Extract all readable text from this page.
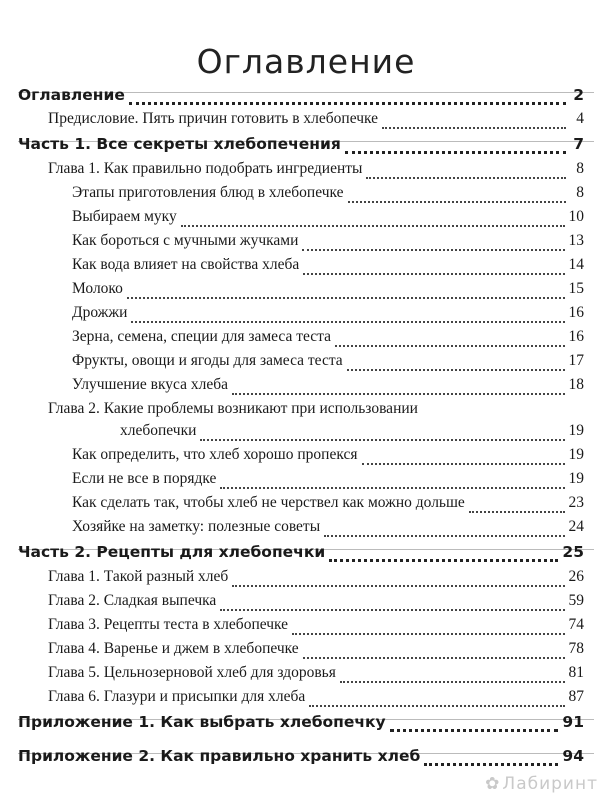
Оглавление
✿ Лабиринт
Оглавление	2
Предисловие. Пять причин готовить в хлебопечке	4
Часть 1. Все секреты хлебопечения	7
Глава 1. Как правильно подобрать ингредиенты	8
Этапы приготовления блюд в хлебопечке	8
Выбираем муку	10
Как бороться с мучными жучками	13
Как вода влияет на свойства хлеба	14
Молоко	15
Дрожжи	16
Зерна, семена, специи для замеса теста	16
Фрукты, овощи и ягоды для замеса теста	17
Улучшение вкуса хлеба	18
Глава 2. Какие проблемы возникают при использовании
хлебопечки	19
Как определить, что хлеб хорошо пропекся	19
Если не все в порядке	19
Как сделать так, чтобы хлеб не черствел как можно дольше	23
Хозяйке на заметку: полезные советы	24
Часть 2. Рецепты для хлебопечки	25
Глава 1. Такой разный хлеб	26
Глава 2. Сладкая выпечка	59
Глава 3. Рецепты теста в хлебопечке	74
Глава 4. Варенье и джем в хлебопечке	78
Глава 5. Цельнозерновой хлеб для здоровья	81
Глава 6. Глазури и присыпки для хлеба	87
Приложение 1. Как выбрать хлебопечку	91
Приложение 2. Как правильно хранить хлеб	94
